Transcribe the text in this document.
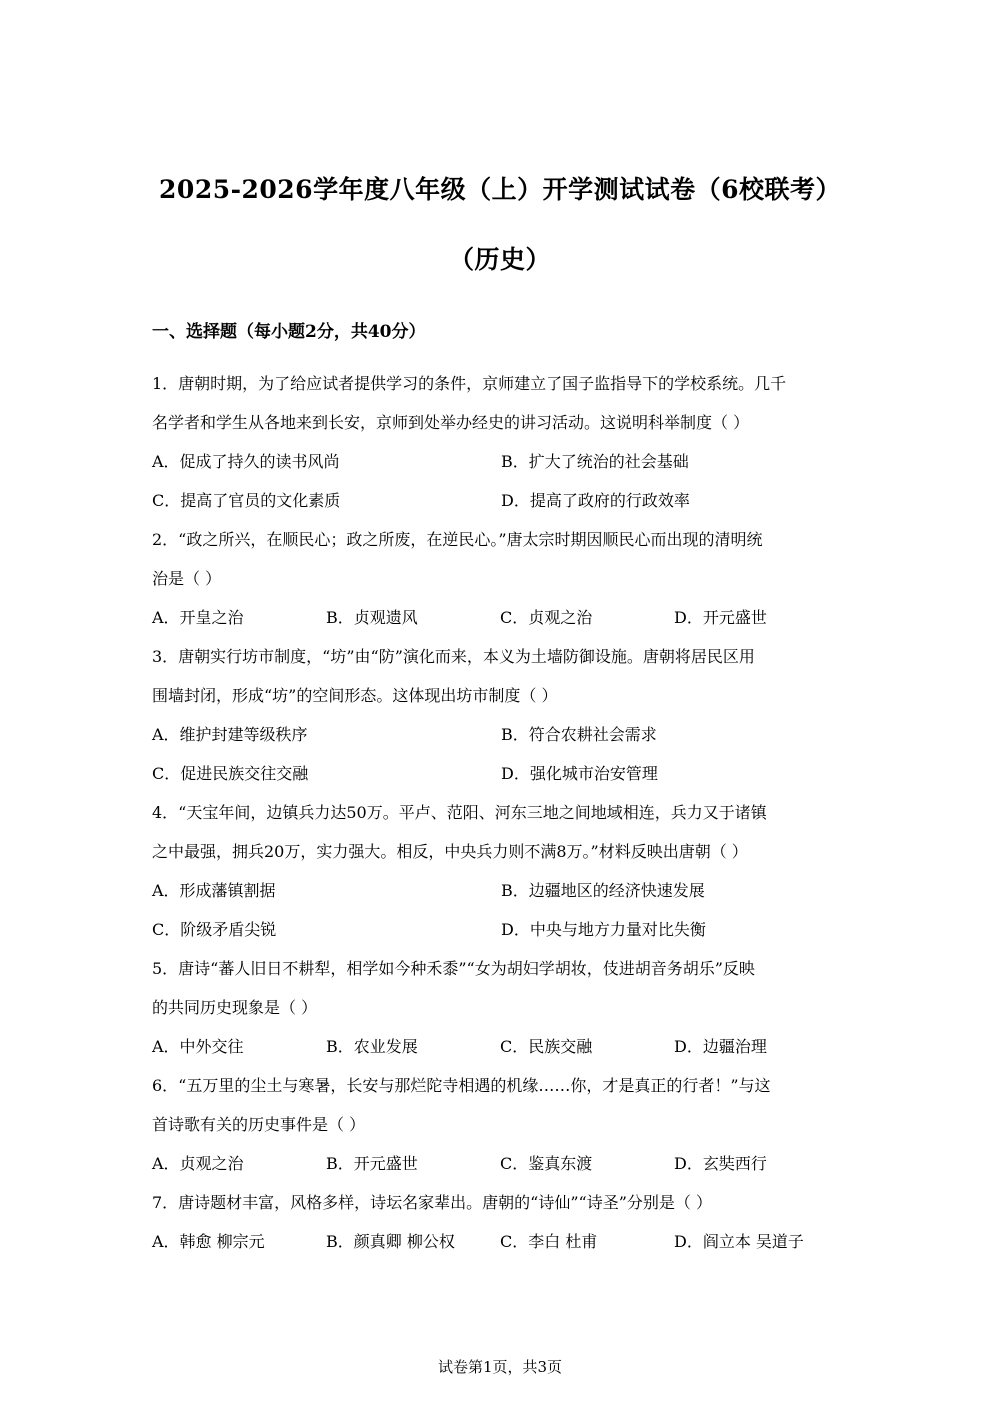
2025-2026学年度八年级（上）开学测试试卷（6校联考）
（历史）
一、选择题（每小题2分，共40分）
1．唐朝时期，为了给应试者提供学习的条件，京师建立了国子监指导下的学校系统。几千
名学者和学生从各地来到长安，京师到处举办经史的讲习活动。这说明科举制度（ ）
A．促成了持久的读书风尚	B．扩大了统治的社会基础
C．提高了官员的文化素质	D．提高了政府的行政效率
2．“政之所兴，在顺民心；政之所废，在逆民心。”唐太宗时期因顺民心而出现的清明统
治是（ ）
A．开皇之治	B．贞观遗风	C．贞观之治	D．开元盛世
3．唐朝实行坊市制度，“坊”由“防”演化而来，本义为土墙防御设施。唐朝将居民区用
围墙封闭，形成“坊”的空间形态。这体现出坊市制度（ ）
A．维护封建等级秩序	B．符合农耕社会需求
C．促进民族交往交融	D．强化城市治安管理
4．“天宝年间，边镇兵力达50万。平卢、范阳、河东三地之间地域相连，兵力又于诸镇
之中最强，拥兵20万，实力强大。相反，中央兵力则不满8万。”材料反映出唐朝（ ）
A．形成藩镇割据	B．边疆地区的经济快速发展
C．阶级矛盾尖锐	D．中央与地方力量对比失衡
5．唐诗“蕃人旧日不耕犁，相学如今种禾黍”“女为胡妇学胡妆，伎进胡音务胡乐”反映
的共同历史现象是（ ）
A．中外交往	B．农业发展	C．民族交融	D．边疆治理
6．“五万里的尘土与寒暑，长安与那烂陀寺相遇的机缘……你，才是真正的行者！”与这
首诗歌有关的历史事件是（ ）
A．贞观之治	B．开元盛世	C．鉴真东渡	D．玄奘西行
7．唐诗题材丰富，风格多样，诗坛名家辈出。唐朝的“诗仙”“诗圣”分别是（ ）
A．韩愈 柳宗元	B．颜真卿 柳公权	C．李白 杜甫	D．阎立本 吴道子
试卷第1页，共3页
